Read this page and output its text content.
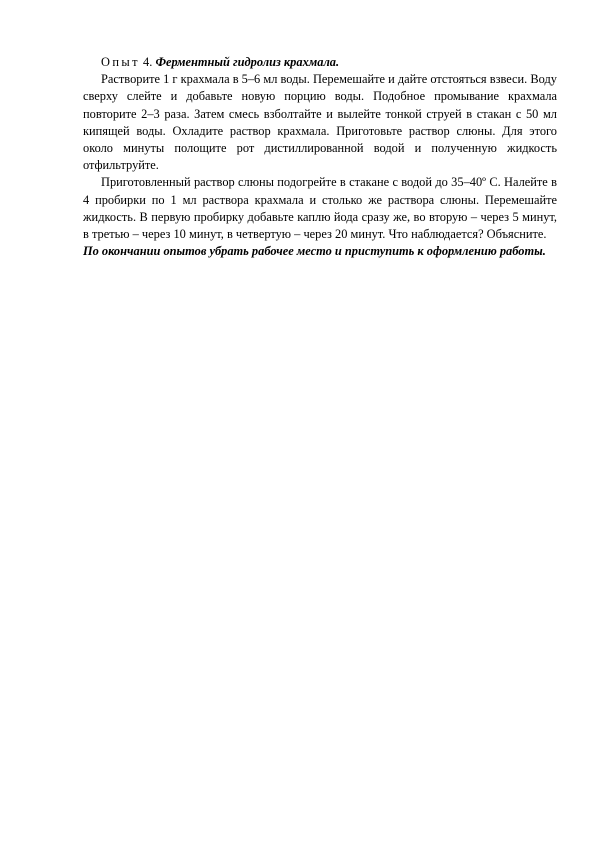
Опыт 4. Ферментный гидролиз крахмала.

Растворите 1 г крахмала в 5–6 мл воды. Перемешайте и дайте отстояться взвеси. Воду сверху слейте и добавьте новую порцию воды. Подобное промывание крахмала повторите 2–3 раза. Затем смесь взболтайте и вылейте тонкой струей в стакан с 50 мл кипящей воды. Охладите раствор крахмала. Приготовьте раствор слюны. Для этого около минуты полощите рот дистиллированной водой и полученную жидкость отфильтруйте.

Приготовленный раствор слюны подогрейте в стакане с водой до 35–40º С. Налейте в 4 пробирки по 1 мл раствора крахмала и столько же раствора слюны. Перемешайте жидкость. В первую пробирку добавьте каплю йода сразу же, во вторую – через 5 минут, в третью – через 10 минут, в четвертую – через 20 минут. Что наблюдается? Объясните.

По окончании опытов убрать рабочее место и приступить к оформлению работы.
